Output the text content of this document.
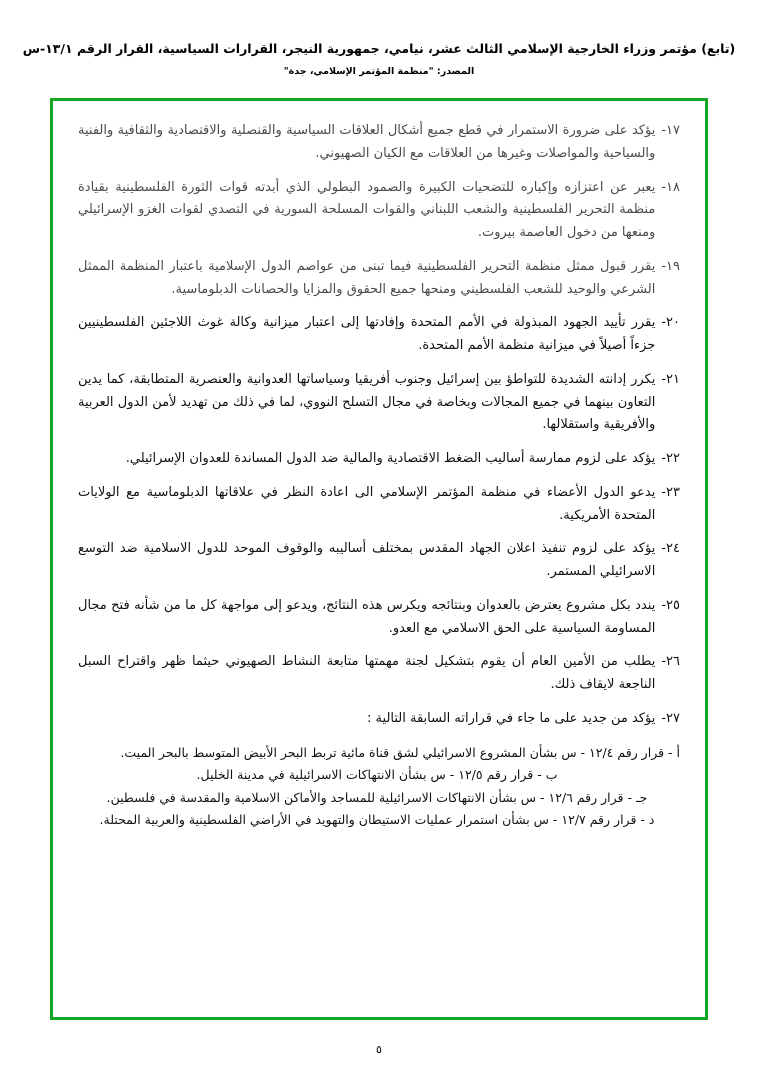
(تابع) مؤتمر وزراء الخارجية الإسلامي الثالث عشر، نيامي، جمهورية النيجر، القرارات السياسية، القرار الرقم ١٣/١-س
المصدر: "منظمة المؤتمر الإسلامي، جدة"
١٧-
يؤكد على ضرورة الاستمرار في قطع جميع أشكال العلاقات السياسية والقنصلية والاقتصادية والثقافية والفنية والسياحية والمواصلات وغيرها من العلاقات مع الكيان الصهيوني.
١٨-
يعبر عن اعتزازه وإكباره للتضحيات الكبيرة والصمود البطولي الذي أبدته قوات الثورة الفلسطينية بقيادة منظمة التحرير الفلسطينية والشعب اللبناني والقوات المسلحة السورية في التصدي لقوات الغزو الإسرائيلي ومنعها من دخول العاصمة بيروت.
١٩-
يقرر قبول ممثل منظمة التحرير الفلسطينية فيما تبنى من عواصم الدول الإسلامية باعتبار المنظمة الممثل الشرعي والوحيد للشعب الفلسطيني ومنحها جميع الحقوق والمزايا والحصانات الدبلوماسية.
٢٠-
يقرر تأييد الجهود المبذولة في الأمم المتحدة وإفادتها إلى اعتبار ميزانية وكالة غوث اللاجئين الفلسطينيين جزءاً أصيلاً في ميزانية منظمة الأمم المتحدة.
٢١-
يكرر إدانته الشديدة للتواطؤ بين إسرائيل وجنوب أفريقيا وسياساتها العدوانية والعنصرية المتطابقة، كما يدين التعاون بينهما في جميع المجالات وبخاصة في مجال التسلح النووي، لما في ذلك من تهديد لأمن الدول العربية والأفريقية واستقلالها.
٢٢-
يؤكد على لزوم ممارسة أساليب الضغط الاقتصادية والمالية ضد الدول المساندة للعدوان الإسرائيلي.
٢٣-
يدعو الدول الأعضاء في منظمة المؤتمر الإسلامي الى اعادة النظر في علاقاتها الدبلوماسية مع الولايات المتحدة الأمريكية.
٢٤-
يؤكد على لزوم تنفيذ اعلان الجهاد المقدس بمختلف أساليبه والوقوف الموحد للدول الاسلامية ضد التوسع الاسرائيلي المستمر.
٢٥-
يندد بكل مشروع يعترض بالعدوان وبنتائجه ويكرس هذه النتائج، ويدعو إلى مواجهة كل ما من شأنه فتح مجال المساومة السياسية على الحق الاسلامي مع العدو.
٢٦-
يطلب من الأمين العام أن يقوم بتشكيل لجنة مهمتها متابعة النشاط الصهيوني حيثما ظهر واقتراح السبل الناجعة لايقاف ذلك.
٢٧-
يؤكد من جديد على ما جاء في قراراته السابقة التالية :
أ - قرار رقم ١٢/٤ - س بشأن المشروع الاسرائيلي لشق قناة مائية تربط البحر الأبيض المتوسط بالبحر الميت.
ب - قرار رقم ١٢/٥ - س بشأن الانتهاكات الاسرائيلية في مدينة الخليل.
جـ - قرار رقم ١٢/٦ - س بشأن الانتهاكات الاسرائيلية للمساجد والأماكن الاسلامية والمقدسة في فلسطين.
د - قرار رقم ١٢/٧ - س بشأن استمرار عمليات الاستيطان والتهويد في الأراضي الفلسطينية والعربية المحتلة.
٥
